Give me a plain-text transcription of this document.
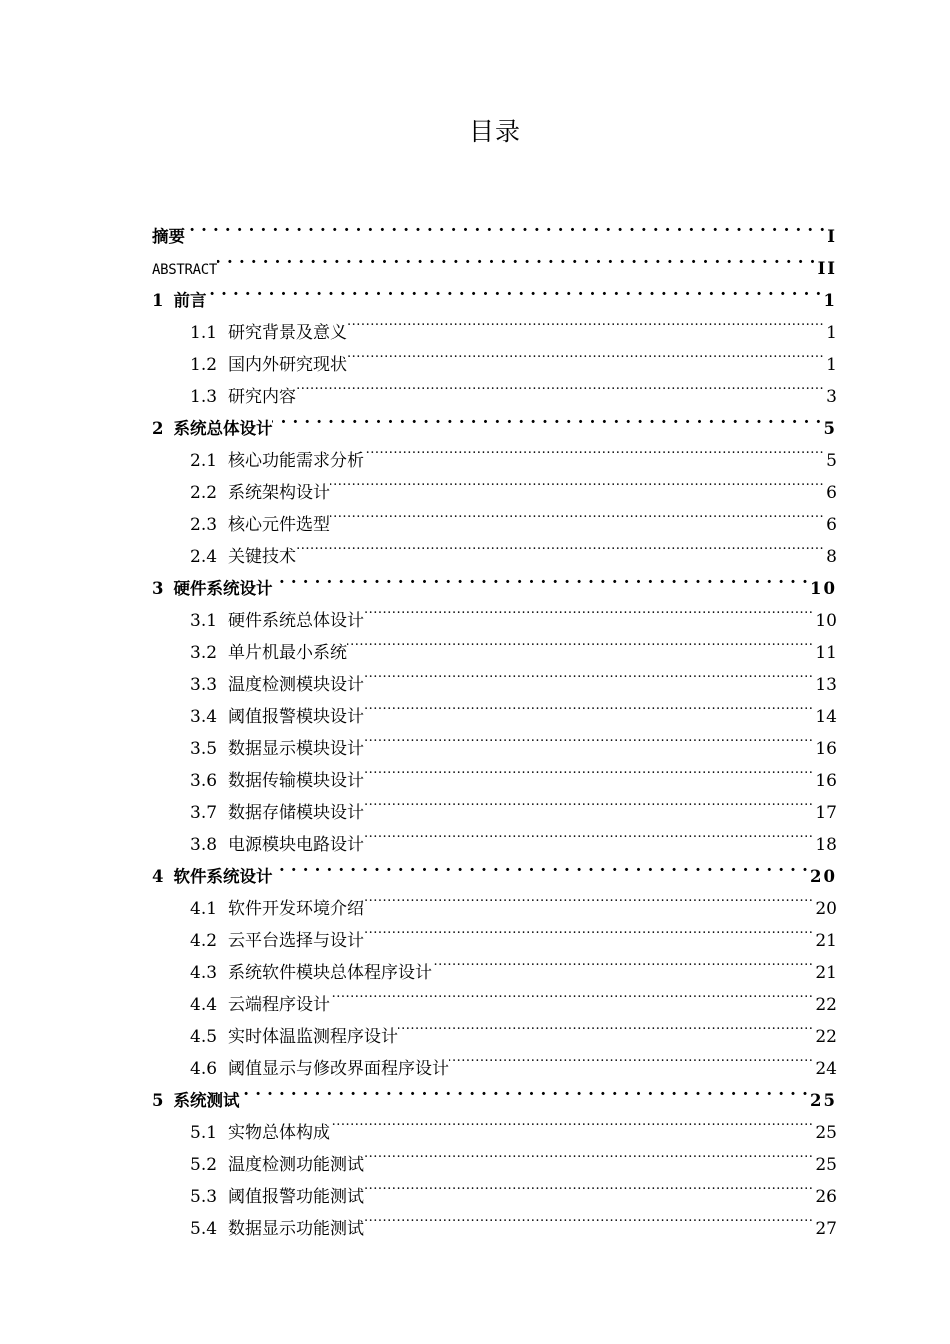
目录
摘要 . . .	I
ABSTRACT . . .	II
1 前言 . . .	1
1.1 研究背景及意义 .....	1
1.2 国内外研究现状 .....	1
1.3 研究内容 .....	3
2 系统总体设计 . . .	5
2.1 核心功能需求分析 .....	5
2.2 系统架构设计 .....	6
2.3 核心元件选型 .....	6
2.4 关键技术 .....	8
3 硬件系统设计 . . .	10
3.1 硬件系统总体设计 .....	10
3.2 单片机最小系统 .....	11
3.3 温度检测模块设计 .....	13
3.4 阈值报警模块设计 .....	14
3.5 数据显示模块设计 .....	16
3.6 数据传输模块设计 .....	16
3.7 数据存储模块设计 .....	17
3.8 电源模块电路设计 .....	18
4 软件系统设计 . . .	20
4.1 软件开发环境介绍 .....	20
4.2 云平台选择与设计 .....	21
4.3 系统软件模块总体程序设计 .....	21
4.4 云端程序设计 .....	22
4.5 实时体温监测程序设计 .....	22
4.6 阈值显示与修改界面程序设计 .....	24
5 系统测试 . . .	25
5.1 实物总体构成 .....	25
5.2 温度检测功能测试 .....	25
5.3 阈值报警功能测试 .....	26
5.4 数据显示功能测试 .....	27
